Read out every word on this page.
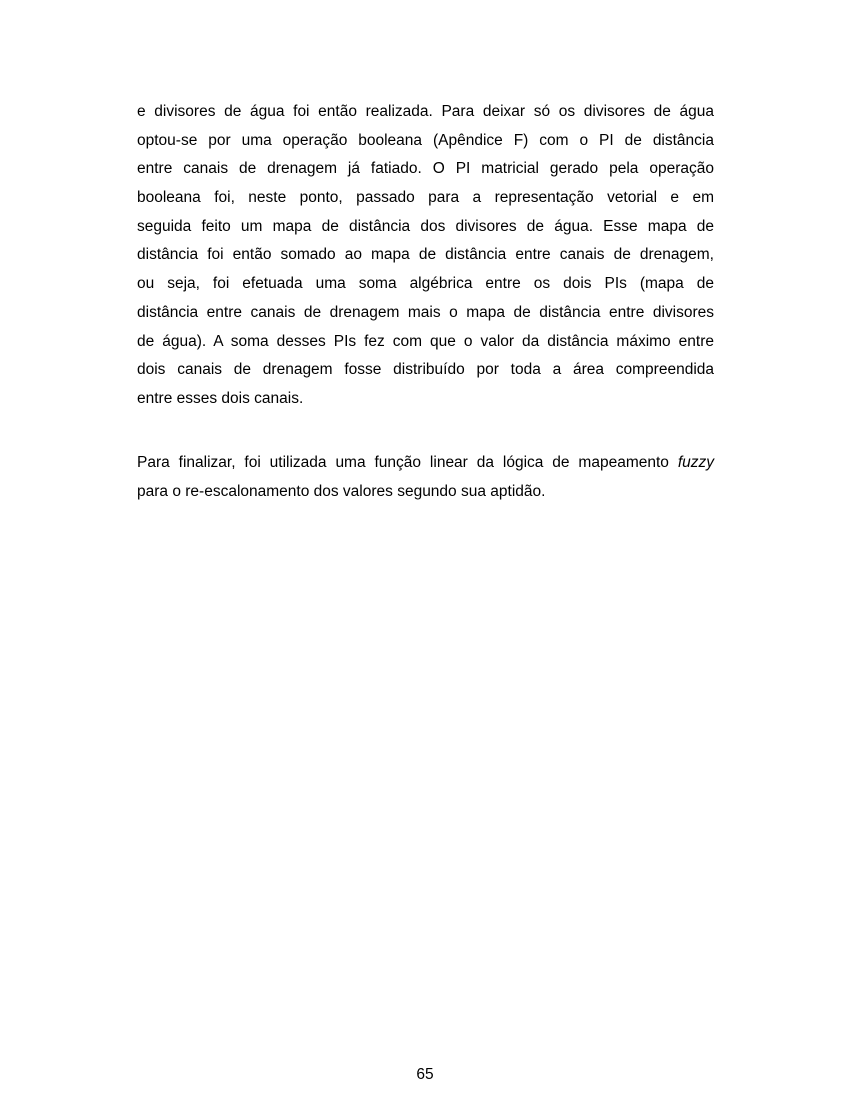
e divisores de água foi então realizada. Para deixar só os divisores de água
optou-se por uma operação booleana (Apêndice F) com o PI de distância
entre canais de drenagem já fatiado. O PI matricial gerado pela operação
booleana foi, neste ponto, passado para a representação vetorial e em
seguida feito um mapa de distância dos divisores de água. Esse mapa de
distância foi então somado ao mapa de distância entre canais de drenagem,
ou seja, foi efetuada uma soma algébrica entre os dois PIs (mapa de
distância entre canais de drenagem mais o mapa de distância entre divisores
de água). A soma desses PIs fez com que o valor da distância máximo entre
dois canais de drenagem fosse distribuído por toda a área compreendida
entre esses dois canais.
Para finalizar, foi utilizada uma função linear da lógica de mapeamento fuzzy
para o re-escalonamento dos valores segundo sua aptidão.
65
